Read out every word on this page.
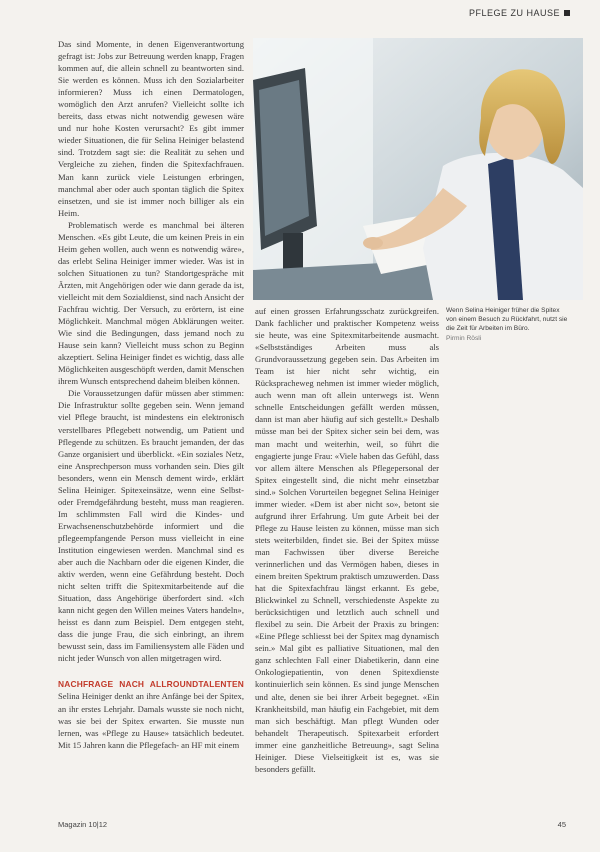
PFLEGE ZU HAUSE

Das sind Momente, in denen Eigenverantwortung gefragt ist: Jobs zur Betreuung werden knapp, Fragen kommen auf, die allein schnell zu beantworten sind. Sie werden es können. Muss ich den Sozialarbeiter informieren? Muss ich einen Dermatologen, womöglich den Arzt anrufen? Vielleicht sollte ich bereits, dass etwas nicht notwendig gewesen wäre und nur hohe Kosten verursacht? Es gibt immer wieder Situationen, die für Selina Heiniger belastend sind. Trotzdem sagt sie: die Realität zu sehen und Vergleiche zu ziehen, finden die Spitexfachfrauen. Man kann zurück viele Leistungen erbringen, manchmal aber oder auch spontan täglich die Spitex einsetzen, und sie ist immer noch billiger als ein Heim.

Problematisch werde es manchmal bei älteren Menschen. «Es gibt Leute, die um keinen Preis in ein Heim gehen wollen, auch wenn es notwendig wäre», das erlebt Selina Heiniger immer wieder. Was ist in solchen Situationen zu tun? Standortgespräche mit Ärzten, mit Angehörigen oder wie dann gerade da ist, vielleicht mit dem Sozialdienst, sind nach Ansicht der Fachfrau wichtig. Der Versuch, zu erörtern, ist eine Möglichkeit. Manchmal mögen Abklärungen weiter. Wie sind die Bedingungen, dass jemand noch zu Hause sein kann? Vielleicht muss schon zu Beginn akzeptiert. Selina Heiniger findet es wichtig, dass alle Möglichkeiten ausgeschöpft werden, damit Menschen ihrem Wunsch entsprechend daheim bleiben können.

Die Voraussetzungen dafür müssen aber stimmen: Die Infrastruktur sollte gegeben sein. Wenn jemand viel Pflege braucht, ist mindestens ein elektronisch verstellbares Pflegebett notwendig, um Patient und Pflegende zu schützen. Es braucht jemanden, der das Ganze organisiert und überblickt. «Ein soziales Netz, eine Ansprechperson muss vorhanden sein. Dies gilt besonders, wenn ein Mensch dement wird», erklärt Selina Heiniger. Spitexeinsätze, wenn eine Selbst- oder Fremdgefährdung besteht, muss man reagieren. Im schlimmsten Fall wird die Kindes- und Erwachsenenschutzbehörde informiert und die pflegeempfangende Person muss vielleicht in eine Institution eingewiesen werden. Manchmal sind es aber auch die Nachbarn oder die eigenen Kinder, die aktiv werden, wenn eine Gefährdung besteht. Doch nicht selten trifft die Spitexmitarbeitende auf die Situation, dass Angehörige überfordert sind. «Ich kann nicht gegen den Willen meines Vaters handeln», heisst es dann zum Beispiel. Dem entgegen steht, dass die junge Frau, die sich einbringt, an ihrem bewusst sein, dass im Familiensystem alle Fäden und nicht jeder Wunsch von allen mitgetragen wird.

NACHFRAGE NACH ALLROUNDTALENTEN Selina Heiniger denkt an ihre Anfänge bei der Spitex, an ihr erstes Lehrjahr. Damals wusste sie noch nicht, was sie bei der Spitex erwarten. Sie musste nun lernen, was «Pflege zu Hause» tatsächlich bedeutet. Mit 15 Jahren kann die Pflegefach- an HF mit einem

auf einen grossen Erfahrungsschatz zurückgreifen. Dank fachlicher und praktischer Kompetenz weiss sie heute, was eine Spitexmitarbeitende ausmacht. «Selbstständiges Arbeiten muss als Grundvoraussetzung gegeben sein. Das Arbeiten im Team ist hier nicht sehr wichtig, ein Rückspracheweg nehmen ist immer wieder möglich, auch wenn man oft allein unterwegs ist. Wenn schnelle Entscheidungen gefällt werden müssen, dann ist man aber häufig auf sich gestellt.» Deshalb müsse man bei der Spitex sicher sein bei dem, was man macht und weiterhin, weil, so führt die engagierte junge Frau: «Viele haben das Gefühl, dass vor allem ältere Menschen als Pflegepersonal der Spitex eingestellt sind, die nicht mehr einsetzbar sind.» Solchen Vorurteilen begegnet Selina Heiniger immer wieder. «Dem ist aber nicht so», betont sie aufgrund ihrer Erfahrung. Um gute Arbeit bei der Pflege zu Hause leisten zu können, müsse man sich stets weiterbilden, findet sie. Bei der Spitex müsse man Fachwissen über diverse Bereiche verinnerlichen und das Vermögen haben, dieses in einem breiten Spektrum praktisch umzuwerden. Dass hat die Spitexfachfrau längst erkannt. Es gebe, Blickwinkel zu Schnell, verschiedenste Aspekte zu berücksichtigen und letztlich auch schnell und flexibel zu sein. Die Arbeit der Praxis zu bringen: «Eine Pflege schliesst bei der Spitex mag dynamisch sein.» Mal gibt es palliative Situationen, mal den ganz schlechten Fall einer Diabetikerin, dann eine Onkologiepatientin, von denen Spitexdienste kontinuierlich sein können. Es sind junge Menschen und alte, denen sie bei ihrer Arbeit begegnet. «Ein Krankheitsbild, man häufig ein Fachgebiet, mit dem man sich beschäftigt. Man pflegt Wunden oder behandelt Therapeutisch. Spitexarbeit erfordert immer eine ganzheitliche Betreuung», sagt Selina Heiniger. Diese Vielseitigkeit ist es, was sie besonders gefällt.

Wenn Selina Heiniger früher die Spitex von einem Besuch zu Rückfahrt, nutzt sie die Zeit für Arbeiten im Büro.
Pirmin Rösli
Magazin 10|12	45
